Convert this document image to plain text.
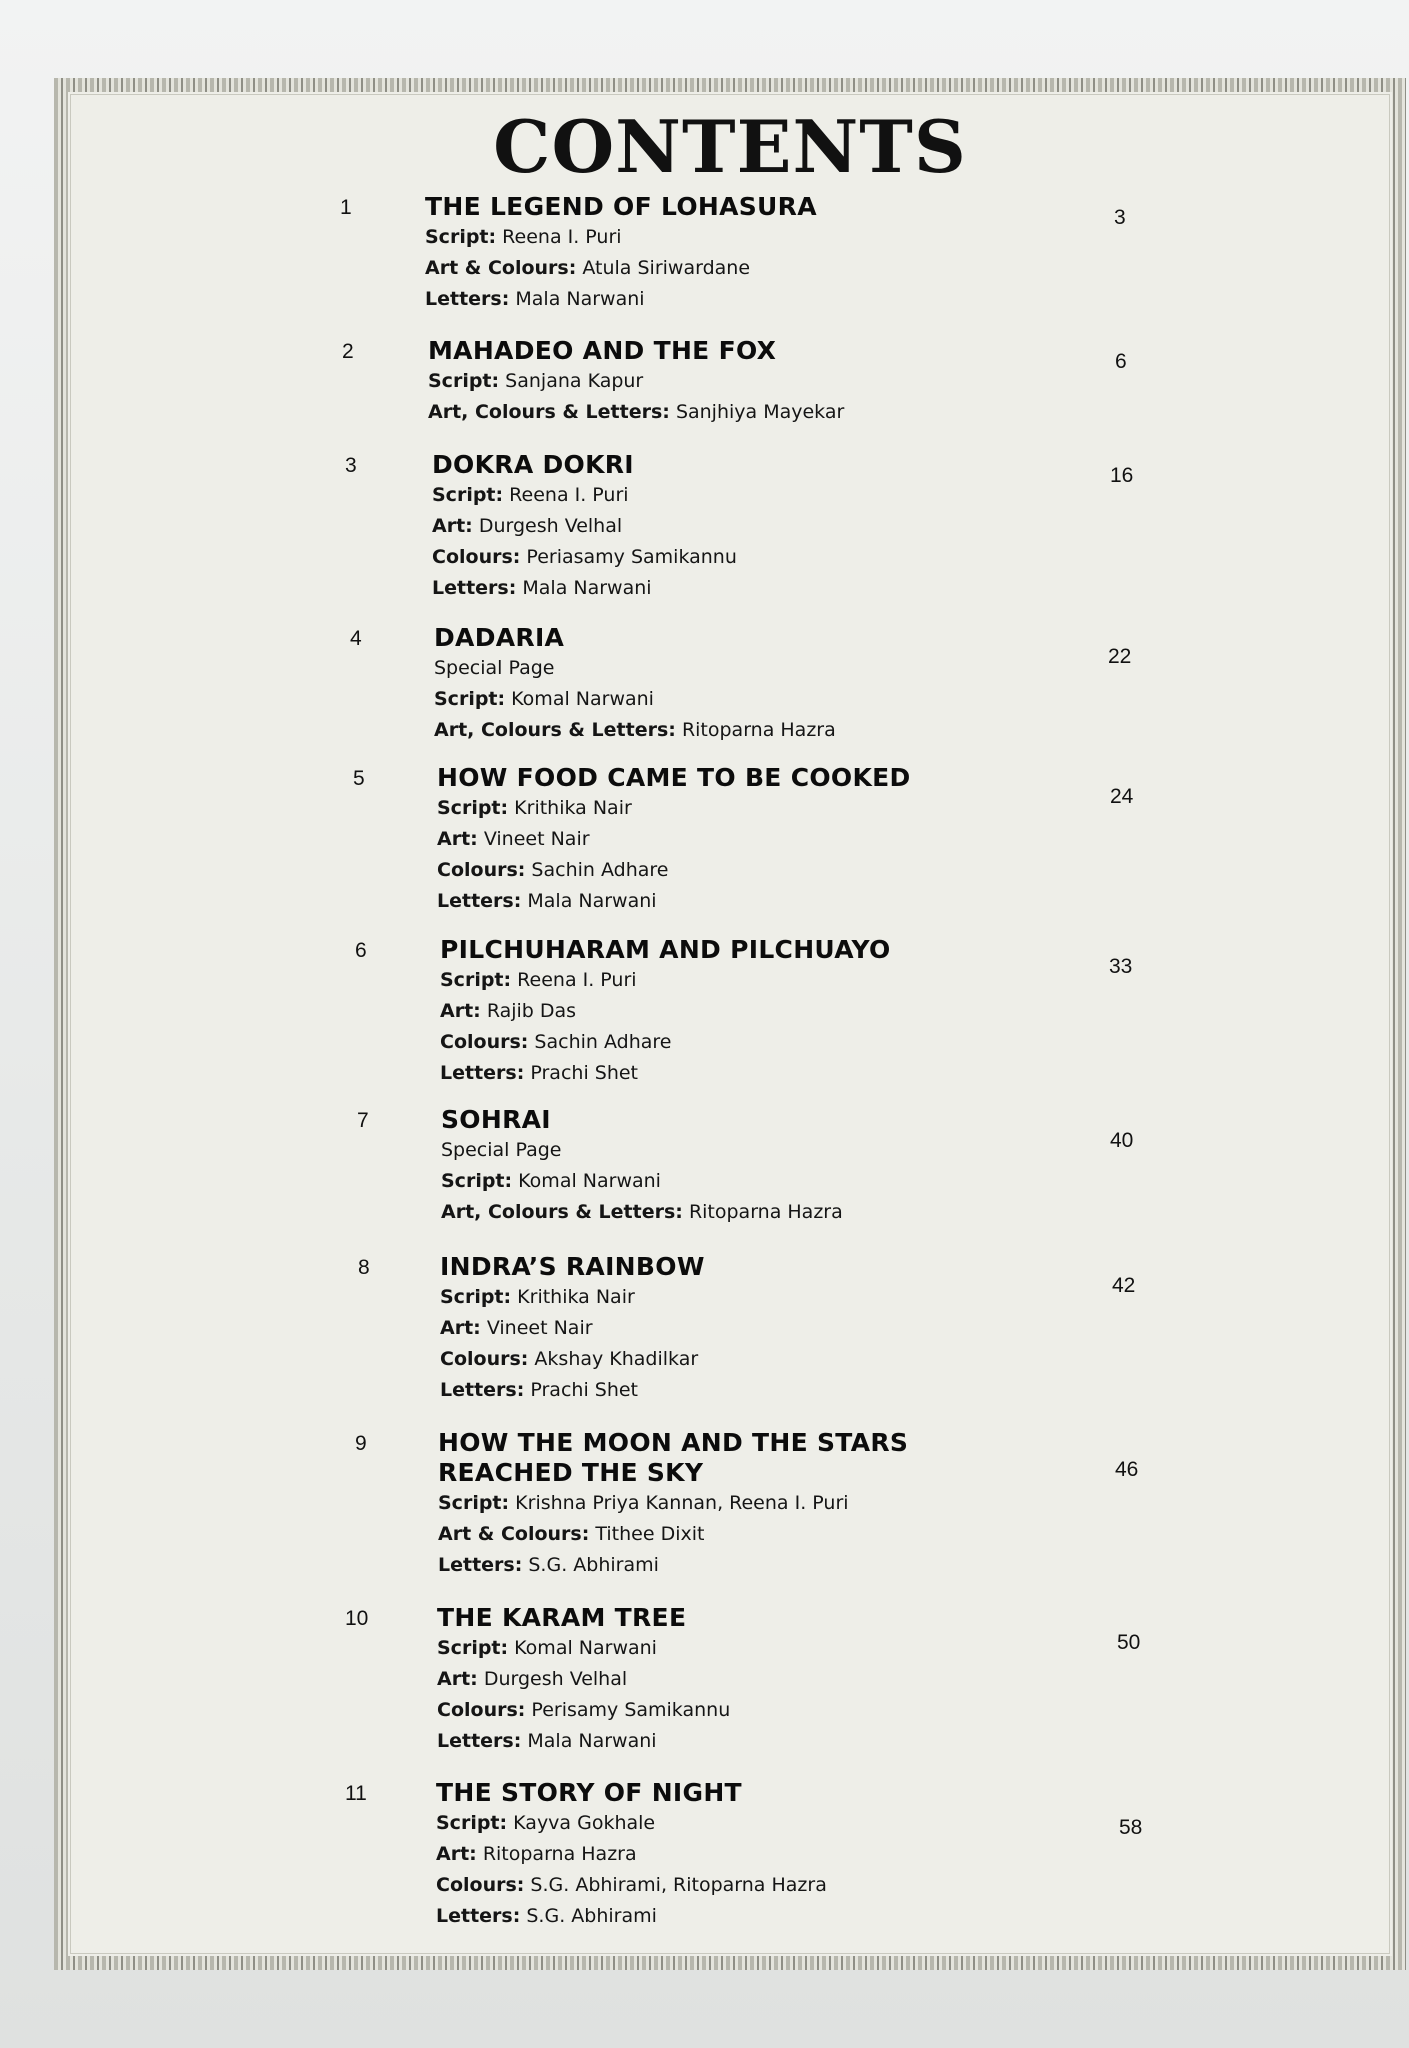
CONTENTS
1	THE LEGEND OF LOHASURA
Script: Reena I. Puri
Art & Colours: Atula Siriwardane
Letters: Mala Narwani
3
2	MAHADEO AND THE FOX
Script: Sanjana Kapur
Art, Colours & Letters: Sanjhiya Mayekar
6
3	DOKRA DOKRI
Script: Reena I. Puri
Art: Durgesh Velhal
Colours: Periasamy Samikannu
Letters: Mala Narwani
16
4	DADARIA
Special Page
Script: Komal Narwani
Art, Colours & Letters: Ritoparna Hazra
22
5	HOW FOOD CAME TO BE COOKED
Script: Krithika Nair
Art: Vineet Nair
Colours: Sachin Adhare
Letters: Mala Narwani
24
6	PILCHUHARAM AND PILCHUAYO
Script: Reena I. Puri
Art: Rajib Das
Colours: Sachin Adhare
Letters: Prachi Shet
33
7	SOHRAI
Special Page
Script: Komal Narwani
Art, Colours & Letters: Ritoparna Hazra
40
8	INDRA’S RAINBOW
Script: Krithika Nair
Art: Vineet Nair
Colours: Akshay Khadilkar
Letters: Prachi Shet
42
9	HOW THE MOON AND THE STARS
REACHED THE SKY
Script: Krishna Priya Kannan, Reena I. Puri
Art & Colours: Tithee Dixit
Letters: S.G. Abhirami
46
10	THE KARAM TREE
Script: Komal Narwani
Art: Durgesh Velhal
Colours: Perisamy Samikannu
Letters: Mala Narwani
50
11	THE STORY OF NIGHT
Script: Kayva Gokhale
Art: Ritoparna Hazra
Colours: S.G. Abhirami, Ritoparna Hazra
Letters: S.G. Abhirami
58
